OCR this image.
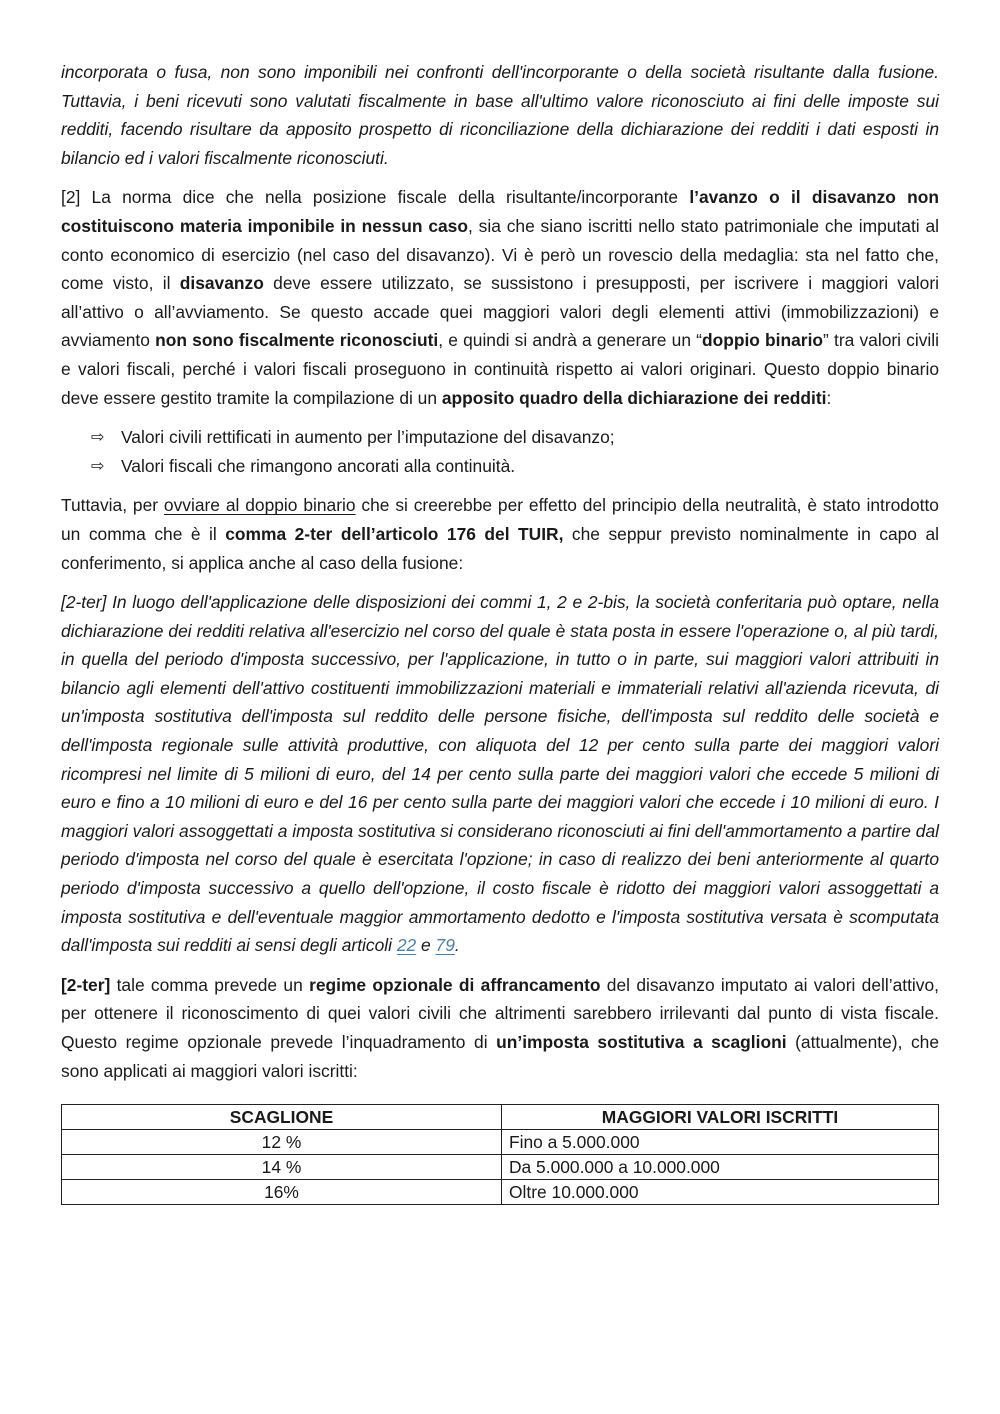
incorporata o fusa, non sono imponibili nei confronti dell'incorporante o della società risultante dalla fusione. Tuttavia, i beni ricevuti sono valutati fiscalmente in base all'ultimo valore riconosciuto ai fini delle imposte sui redditi, facendo risultare da apposito prospetto di riconciliazione della dichiarazione dei redditi i dati esposti in bilancio ed i valori fiscalmente riconosciuti.

[2] La norma dice che nella posizione fiscale della risultante/incorporante l’avanzo o il disavanzo non costituiscono materia imponibile in nessun caso, sia che siano iscritti nello stato patrimoniale che imputati al conto economico di esercizio (nel caso del disavanzo). Vi è però un rovescio della medaglia: sta nel fatto che, come visto, il disavanzo deve essere utilizzato, se sussistono i presupposti, per iscrivere i maggiori valori all’attivo o all’avviamento. Se questo accade quei maggiori valori degli elementi attivi (immobilizzazioni) e avviamento non sono fiscalmente riconosciuti, e quindi si andrà a generare un “doppio binario” tra valori civili e valori fiscali, perché i valori fiscali proseguono in continuità rispetto ai valori originari. Questo doppio binario deve essere gestito tramite la compilazione di un apposito quadro della dichiarazione dei redditi:

⇨ Valori civili rettificati in aumento per l’imputazione del disavanzo;
⇨ Valori fiscali che rimangono ancorati alla continuità.

Tuttavia, per ovviare al doppio binario che si creerebbe per effetto del principio della neutralità, è stato introdotto un comma che è il comma 2-ter dell’articolo 176 del TUIR, che seppur previsto nominalmente in capo al conferimento, si applica anche al caso della fusione:

[2-ter] In luogo dell'applicazione delle disposizioni dei commi 1, 2 e 2-bis, la società conferitaria può optare, nella dichiarazione dei redditi relativa all'esercizio nel corso del quale è stata posta in essere l'operazione o, al più tardi, in quella del periodo d'imposta successivo, per l'applicazione, in tutto o in parte, sui maggiori valori attribuiti in bilancio agli elementi dell'attivo costituenti immobilizzazioni materiali e immateriali relativi all'azienda ricevuta, di un'imposta sostitutiva dell'imposta sul reddito delle persone fisiche, dell'imposta sul reddito delle società e dell'imposta regionale sulle attività produttive, con aliquota del 12 per cento sulla parte dei maggiori valori ricompresi nel limite di 5 milioni di euro, del 14 per cento sulla parte dei maggiori valori che eccede 5 milioni di euro e fino a 10 milioni di euro e del 16 per cento sulla parte dei maggiori valori che eccede i 10 milioni di euro. I maggiori valori assoggettati a imposta sostitutiva si considerano riconosciuti ai fini dell'ammortamento a partire dal periodo d'imposta nel corso del quale è esercitata l'opzione; in caso di realizzo dei beni anteriormente al quarto periodo d'imposta successivo a quello dell'opzione, il costo fiscale è ridotto dei maggiori valori assoggettati a imposta sostitutiva e dell'eventuale maggior ammortamento dedotto e l'imposta sostitutiva versata è scomputata dall'imposta sui redditi ai sensi degli articoli 22 e 79.

[2-ter] tale comma prevede un regime opzionale di affrancamento del disavanzo imputato ai valori dell’attivo, per ottenere il riconoscimento di quei valori civili che altrimenti sarebbero irrilevanti dal punto di vista fiscale. Questo regime opzionale prevede l’inquadramento di un’imposta sostitutiva a scaglioni (attualmente), che sono applicati ai maggiori valori iscritti:

SCAGLIONE	MAGGIORI VALORI ISCRITTI
12 %	Fino a 5.000.000
14 %	Da 5.000.000 a 10.000.000
16%	Oltre 10.000.000
